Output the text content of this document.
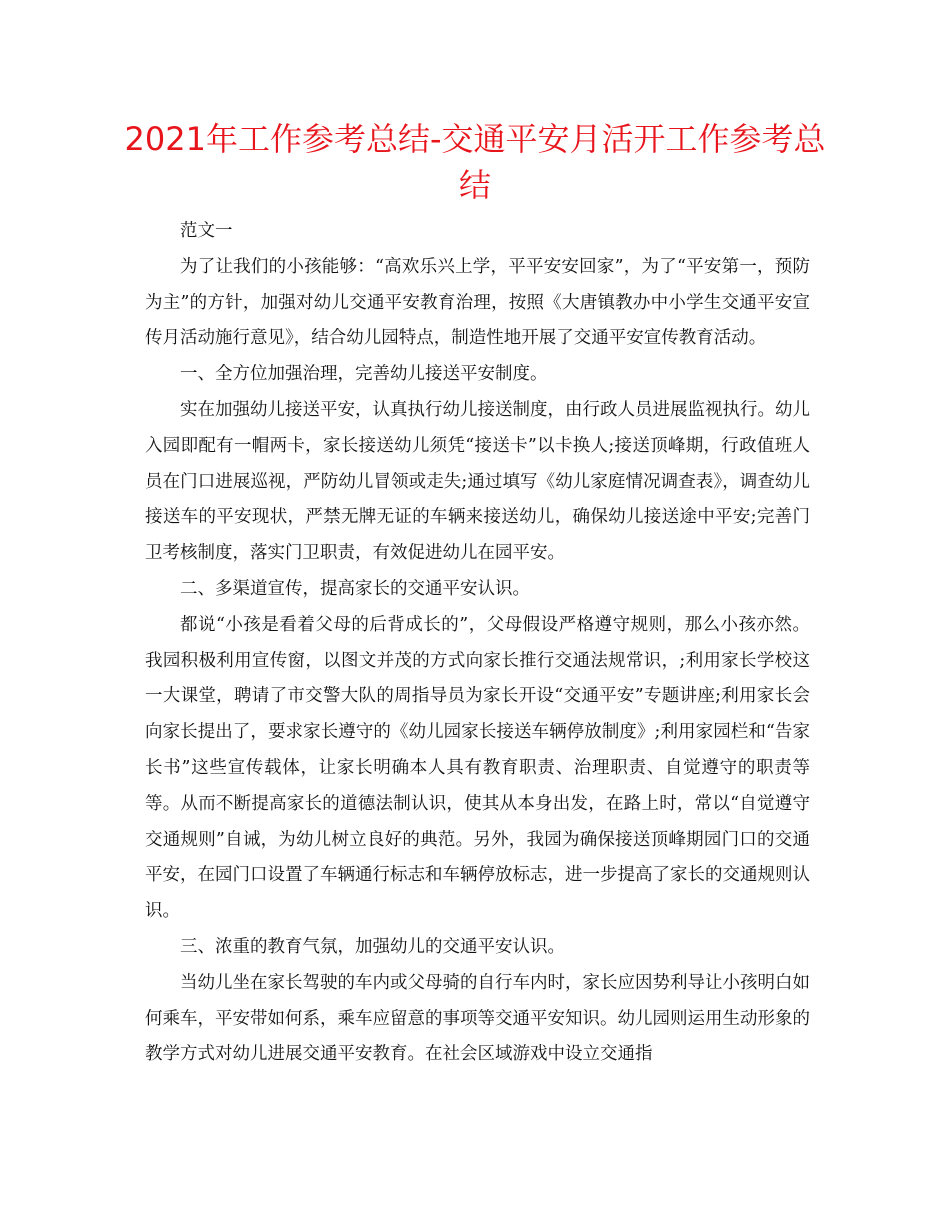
2021年工作参考总结-交通平安月活开工作参考总结

范文一

为了让我们的小孩能够：“高欢乐兴上学，平平安安回家”，为了“平安第一，预防为主”的方针，加强对幼儿交通平安教育治理，按照《大唐镇教办中小学生交通平安宣传月活动施行意见》，结合幼儿园特点，制造性地开展了交通平安宣传教育活动。

一、全方位加强治理，完善幼儿接送平安制度。

实在加强幼儿接送平安，认真执行幼儿接送制度，由行政人员进展监视执行。幼儿入园即配有一帽两卡，家长接送幼儿须凭“接送卡”以卡换人;接送顶峰期，行政值班人员在门口进展巡视，严防幼儿冒领或走失;通过填写《幼儿家庭情况调查表》，调查幼儿接送车的平安现状，严禁无牌无证的车辆来接送幼儿，确保幼儿接送途中平安;完善门卫考核制度，落实门卫职责，有效促进幼儿在园平安。

二、多渠道宣传，提高家长的交通平安认识。

都说“小孩是看着父母的后背成长的”，父母假设严格遵守规则，那么小孩亦然。我园积极利用宣传窗，以图文并茂的方式向家长推行交通法规常识，;利用家长学校这一大课堂，聘请了市交警大队的周指导员为家长开设“交通平安”专题讲座;利用家长会向家长提出了，要求家长遵守的《幼儿园家长接送车辆停放制度》;利用家园栏和“告家长书”这些宣传载体，让家长明确本人具有教育职责、治理职责、自觉遵守的职责等等。从而不断提高家长的道德法制认识，使其从本身出发，在路上时，常以“自觉遵守交通规则”自诫，为幼儿树立良好的典范。另外，我园为确保接送顶峰期园门口的交通平安，在园门口设置了车辆通行标志和车辆停放标志，进一步提高了家长的交通规则认识。

三、浓重的教育气氛，加强幼儿的交通平安认识。

当幼儿坐在家长驾驶的车内或父母骑的自行车内时，家长应因势利导让小孩明白如何乘车，平安带如何系，乘车应留意的事项等交通平安知识。幼儿园则运用生动形象的教学方式对幼儿进展交通平安教育。在社会区域游戏中设立交通指
